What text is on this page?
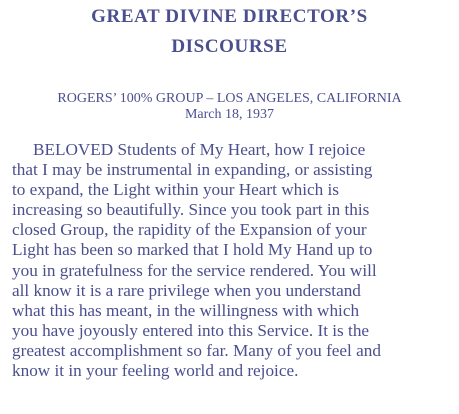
GREAT DIVINE DIRECTOR’S
DISCOURSE
ROGERS’ 100% GROUP – LOS ANGELES, CALIFORNIA
March 18, 1937
BELOVED Students of My Heart, how I rejoice
that I may be instrumental in expanding, or assisting
to expand, the Light within your Heart which is
increasing so beautifully. Since you took part in this
closed Group, the rapidity of the Expansion of your
Light has been so marked that I hold My Hand up to
you in gratefulness for the service rendered. You will
all know it is a rare privilege when you understand
what this has meant, in the willingness with which
you have joyously entered into this Service. It is the
greatest accomplishment so far. Many of you feel and
know it in your feeling world and rejoice.
